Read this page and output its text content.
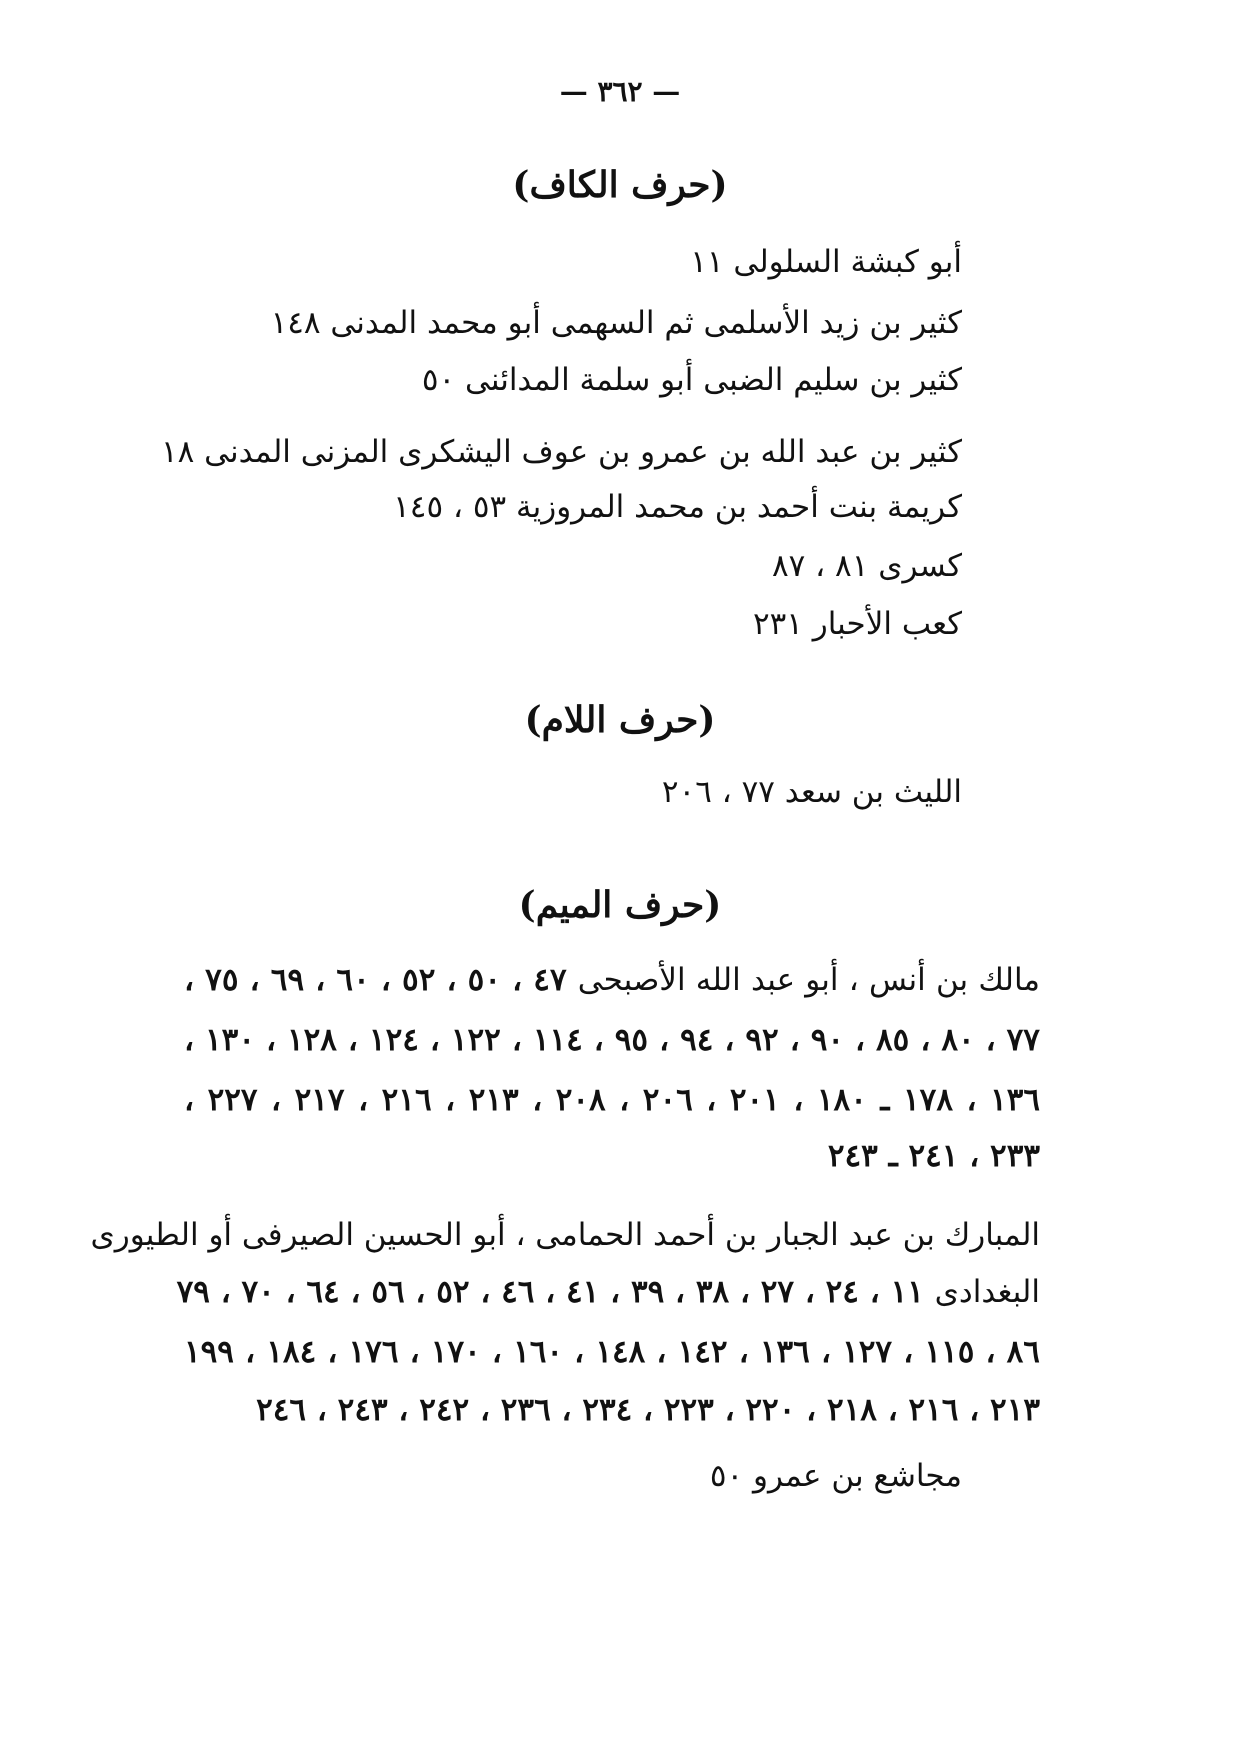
— ٣٦٢ —
(حرف الكاف)
أبو كبشة السلولى ١١
كثير بن زيد الأسلمى ثم السهمى أبو محمد المدنى ١٤٨
كثير بن سليم الضبى أبو سلمة المدائنى ٥٠
كثير بن عبد الله بن عمرو بن عوف اليشكرى المزنى المدنى ١٨
كريمة بنت أحمد بن محمد المروزية ٥٣ ، ١٤٥
كسرى ٨١ ، ٨٧
كعب الأحبار ٢٣١
(حرف اللام)
الليث بن سعد ٧٧ ، ٢٠٦
(حرف الميم)
مالك بن أنس ، أبو عبد الله الأصبحى ٤٧ ، ٥٠ ، ٥٢ ، ٦٠ ، ٦٩ ، ٧٥ ،
٧٧ ، ٨٠ ، ٨٥ ، ٩٠ ، ٩٢ ، ٩٤ ، ٩٥ ، ١١٤ ، ١٢٢ ، ١٢٤ ، ١٢٨ ، ١٣٠ ،
١٣٦ ، ١٧٨ ـ ١٨٠ ، ٢٠١ ، ٢٠٦ ، ٢٠٨ ، ٢١٣ ، ٢١٦ ، ٢١٧ ، ٢٢٧ ،
٢٣٣ ، ٢٤١ ـ ٢٤٣
المبارك بن عبد الجبار بن أحمد الحمامى ، أبو الحسين الصيرفى أو الطيورى
البغدادى ١١ ، ٢٤ ، ٢٧ ، ٣٨ ، ٣٩ ، ٤١ ، ٤٦ ، ٥٢ ، ٥٦ ، ٦٤ ، ٧٠ ، ٧٩
٨٦ ، ١١٥ ، ١٢٧ ، ١٣٦ ، ١٤٢ ، ١٤٨ ، ١٦٠ ، ١٧٠ ، ١٧٦ ، ١٨٤ ، ١٩٩
٢١٣ ، ٢١٦ ، ٢١٨ ، ٢٢٠ ، ٢٢٣ ، ٢٣٤ ، ٢٣٦ ، ٢٤٢ ، ٢٤٣ ، ٢٤٦
مجاشع بن عمرو ٥٠
